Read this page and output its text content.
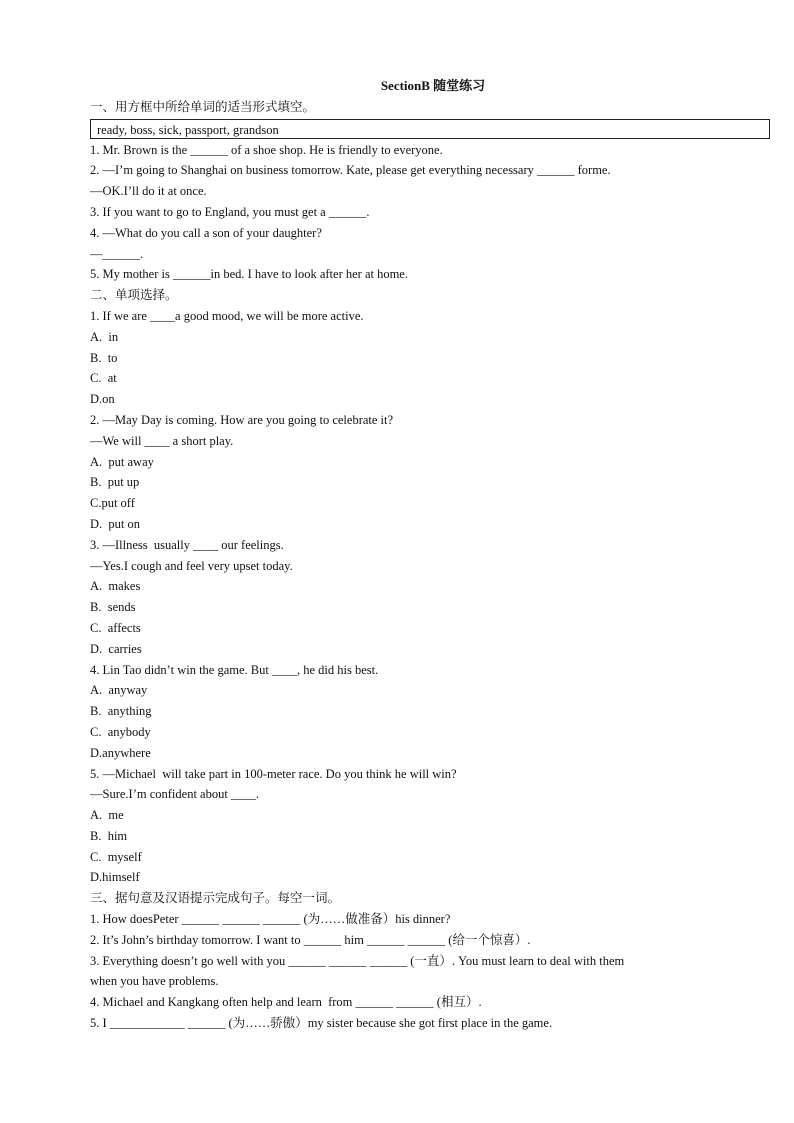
SectionB 随堂练习
一、用方框中所给单词的适当形式填空。
ready, boss, sick, passport, grandson
1. Mr. Brown is the ______ of a shoe shop. He is friendly to everyone.
2. —I’m going to Shanghai on business tomorrow. Kate, please get everything necessary ______ forme.
—OK.I’ll do it at once.
3. If you want to go to England, you must get a ______.
4. —What do you call a son of your daughter?
—______.
5. My mother is ______in bed. I have to look after her at home.
二、单项选择。
1. If we are ____a good mood, we will be more active.
A.  in
B.  to
C.  at
D.on
2. —May Day is coming. How are you going to celebrate it?
—We will ____ a short play.
A.  put away
B.  put up
C.put off
D.  put on
3. —Illness  usually ____ our feelings.
—Yes.I cough and feel very upset today.
A.  makes
B.  sends
C.  affects
D.  carries
4. Lin Tao didn’t win the game. But ____, he did his best.
A.  anyway
B.  anything
C.  anybody
D.anywhere
5. —Michael  will take part in 100-meter race. Do you think he will win?
—Sure.I’m confident about ____.
A.  me
B.  him
C.  myself
D.himself
三、据句意及汉语提示完成句子。每空一词。
1. How doesPeter ______ ______ ______ (为……做准备）his dinner?
2. It’s John’s birthday tomorrow. I want to ______ him ______ ______ (给一个惊喜）.
3. Everything doesn’t go well with you ______ ______ ______ (一直）. You must learn to deal with them
when you have problems.
4. Michael and Kangkang often help and learn  from ______ ______ (相互）.
5. I ____________ ______ (为……骄傲）my sister because she got first place in the game.
